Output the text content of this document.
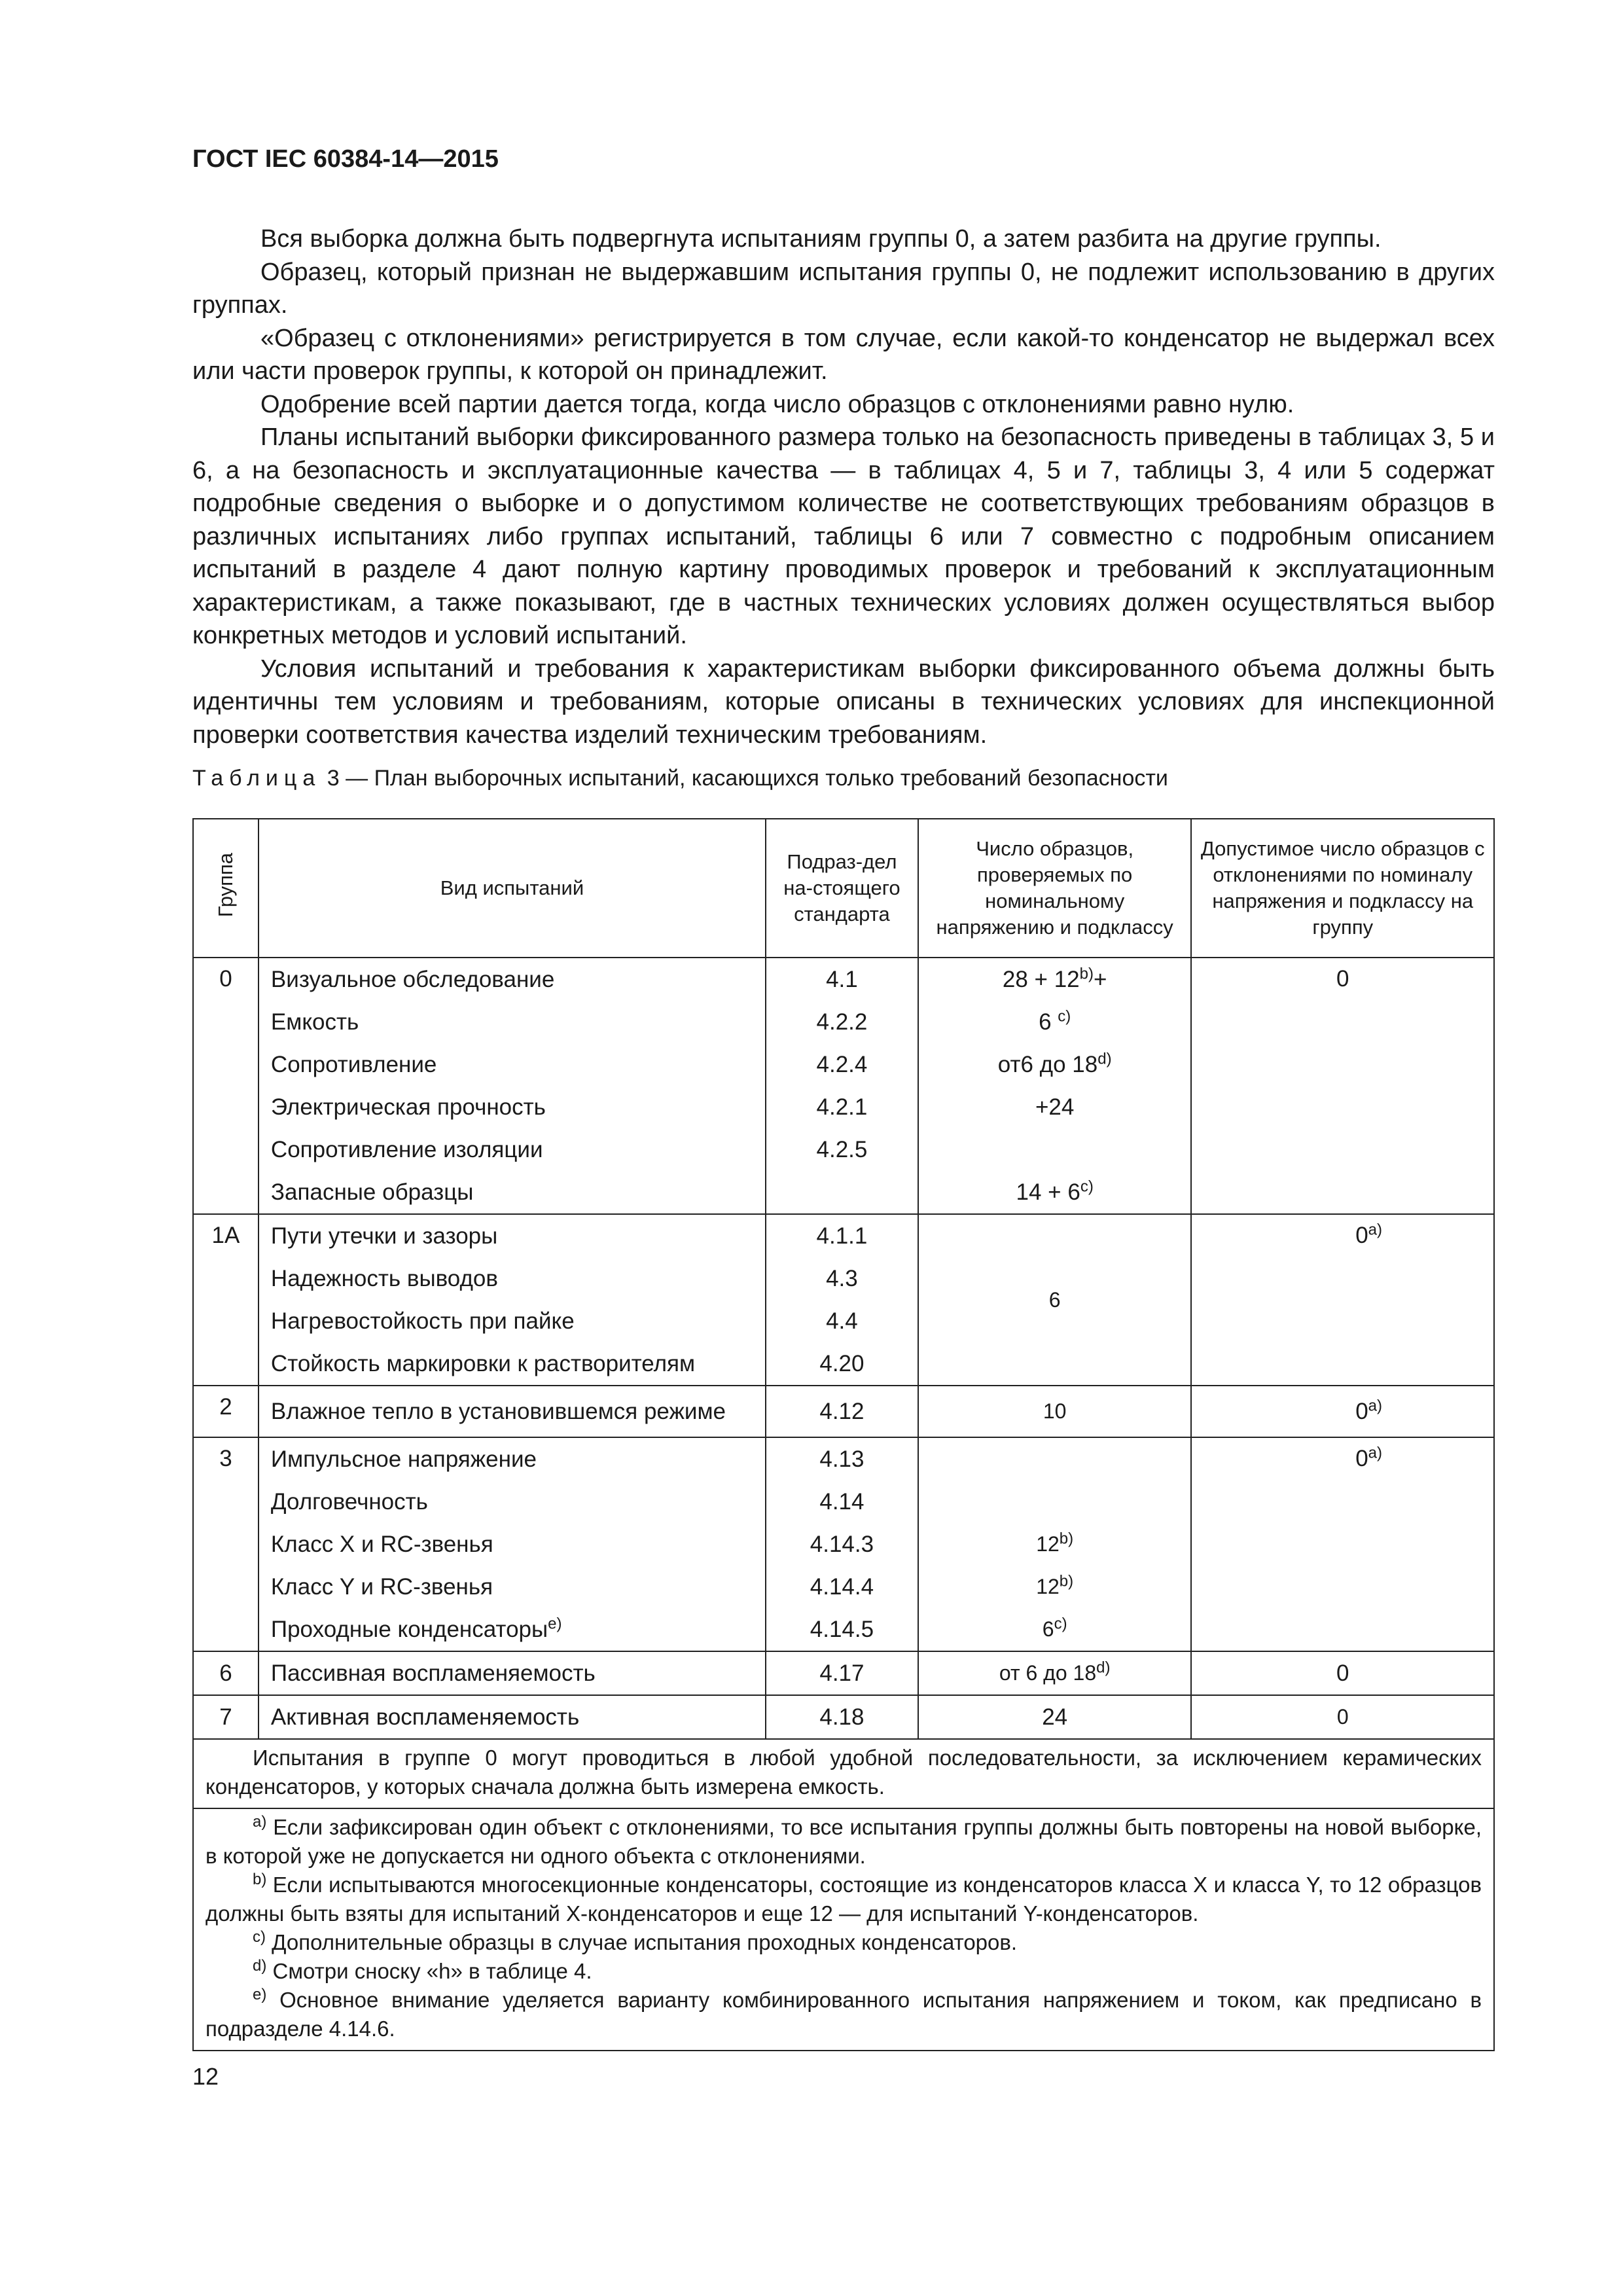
ГОСТ IEC 60384-14—2015

Вся выборка должна быть подвергнута испытаниям группы 0, а затем разбита на другие группы.

Образец, который признан не выдержавшим испытания группы 0, не подлежит использованию в других группах.

«Образец с отклонениями» регистрируется в том случае, если какой-то конденсатор не выдержал всех или части проверок группы, к которой он принадлежит.

Одобрение всей партии дается тогда, когда число образцов с отклонениями равно нулю.

Планы испытаний выборки фиксированного размера только на безопасность приведены в таблицах 3, 5 и 6, а на безопасность и эксплуатационные качества — в таблицах 4, 5 и 7, таблицы 3, 4 или 5 содержат подробные сведения о выборке и о допустимом количестве не соответствующих требованиям образцов в различных испытаниях либо группах испытаний, таблицы 6 или 7 совместно с подробным описанием испытаний в разделе 4 дают полную картину проводимых проверок и требований к эксплуатационным характеристикам, а также показывают, где в частных технических условиях должен осуществляться выбор конкретных методов и условий испытаний.

Условия испытаний и требования к характеристикам выборки фиксированного объема должны быть идентичны тем условиям и требованиям, которые описаны в технических условиях для инспекционной проверки соответствия качества изделий техническим требованиям.

Таблица 3 — План выборочных испытаний, касающихся только требований безопасности
Группа	Вид испытаний	Подраз-дел на-стоящего стандарта	Число образцов, проверяемых по номинальному напряжению и подклассу	Допустимое число образцов с отклонениями по номиналу напряжения и подклассу на группу
0	Визуальное обследование	4.1	$28 + 12^{b)}+$	0
	Емкость	4.2.2	6 $^{c)}$
	Сопротивление	4.2.4	от6 до 18$^{d)}$
	Электрическая прочность	4.2.1	+24	
	Сопротивление изоляции	4.2.5		
	Запасные образцы		$14 + 6^{c)}$
1А	Пути утечки и зазоры	4.1.1	6	0$^{a)}$
	Надежность выводов	4.3		
	Нагревостойкость при пайке	4.4		
	Стойкость маркировки к растворителям	4.20		
2	Влажное тепло в установившемся режиме	4.12	10	0$^{a)}$
3	Импульсное напряжение	4.13		0$^{a)}$
	Долговечность	4.14		
	Класс X и RC-звенья	4.14.3	12$^{b)}$
	Класс Y и RC-звенья	4.14.4	12$^{b)}$
	Проходные конденсаторы$^{e)}$	4.14.5	6$^{c)}$
6	Пассивная воспламеняемость	4.17	от 6 до 18$^{d)}$	0
7	Активная воспламеняемость	4.18	24	0

Испытания в группе 0 могут проводиться в любой удобной последовательности, за исключением керамических конденсаторов, у которых сначала должна быть измерена емкость.				

$^{a)}$ Если зафиксирован один объект с отклонениями, то все испытания группы должны быть повторены на новой выборке, в которой уже не допускается ни одного объекта с отклонениями.

$^{b)}$ Если испытываются многосекционные конденсаторы, состоящие из конденсаторов класса X и класса Y, то 12 образцов должны быть взяты для испытаний X-конденсаторов и еще 12 — для испытаний Y-конденсаторов.

$^{c)}$ Дополнительные образцы в случае испытания проходных конденсаторов.

$^{d)}$ Смотри сноску «h» в таблице 4.

$^{e)}$ Основное внимание уделяется варианту комбинированного испытания напряжением и током, как предписано в подразделе 4.14.6.				

12
